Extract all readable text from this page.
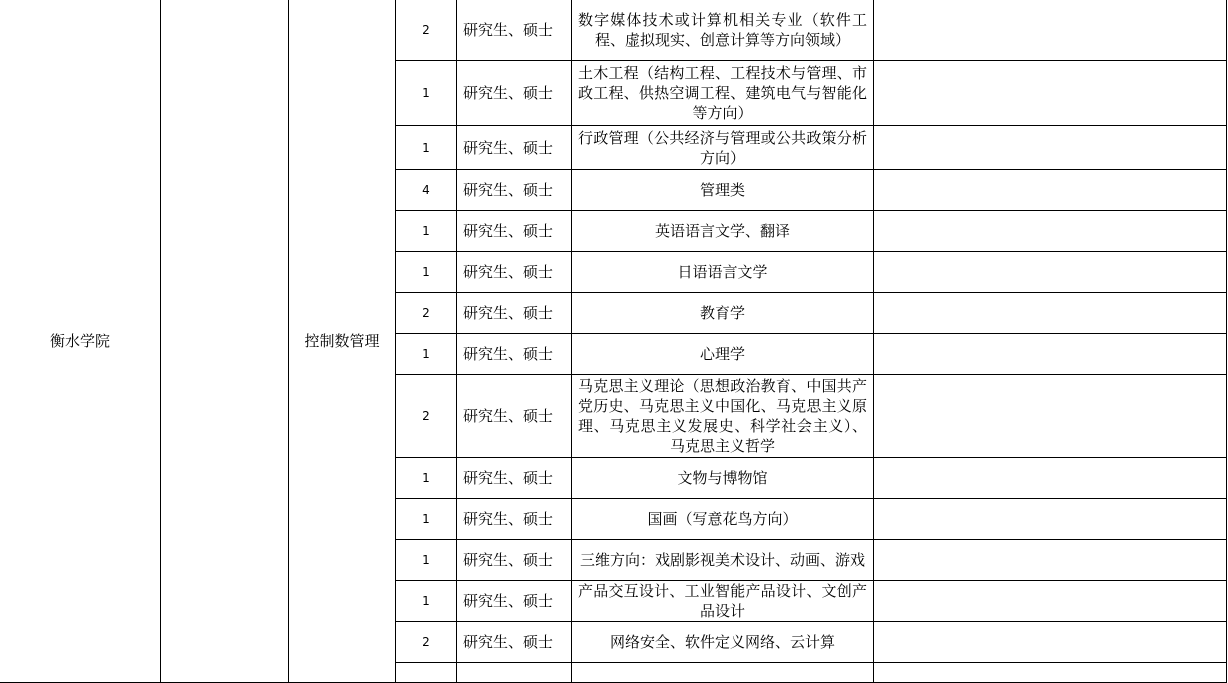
衡水学院		控制数管理	2	研究生、硕士	数字媒体技术或计算机相关专业（软件工程、虚拟现实、创意计算等方向领域）	
			1	研究生、硕士	土木工程（结构工程、工程技术与管理、市政工程、供热空调工程、建筑电气与智能化等方向）	
			1	研究生、硕士	行政管理（公共经济与管理或公共政策分析方向）	
			4	研究生、硕士	管理类	
			1	研究生、硕士	英语语言文学、翻译	
			1	研究生、硕士	日语语言文学	
			2	研究生、硕士	教育学	
			1	研究生、硕士	心理学	
			2	研究生、硕士	马克思主义理论（思想政治教育、中国共产党历史、马克思主义中国化、马克思主义原理、马克思主义发展史、科学社会主义）、马克思主义哲学	
			1	研究生、硕士	文物与博物馆	
			1	研究生、硕士	国画（写意花鸟方向）	
			1	研究生、硕士	三维方向：戏剧影视美术设计、动画、游戏	
			1	研究生、硕士	产品交互设计、工业智能产品设计、文创产品设计	
			2	研究生、硕士	网络安全、软件定义网络、云计算	
